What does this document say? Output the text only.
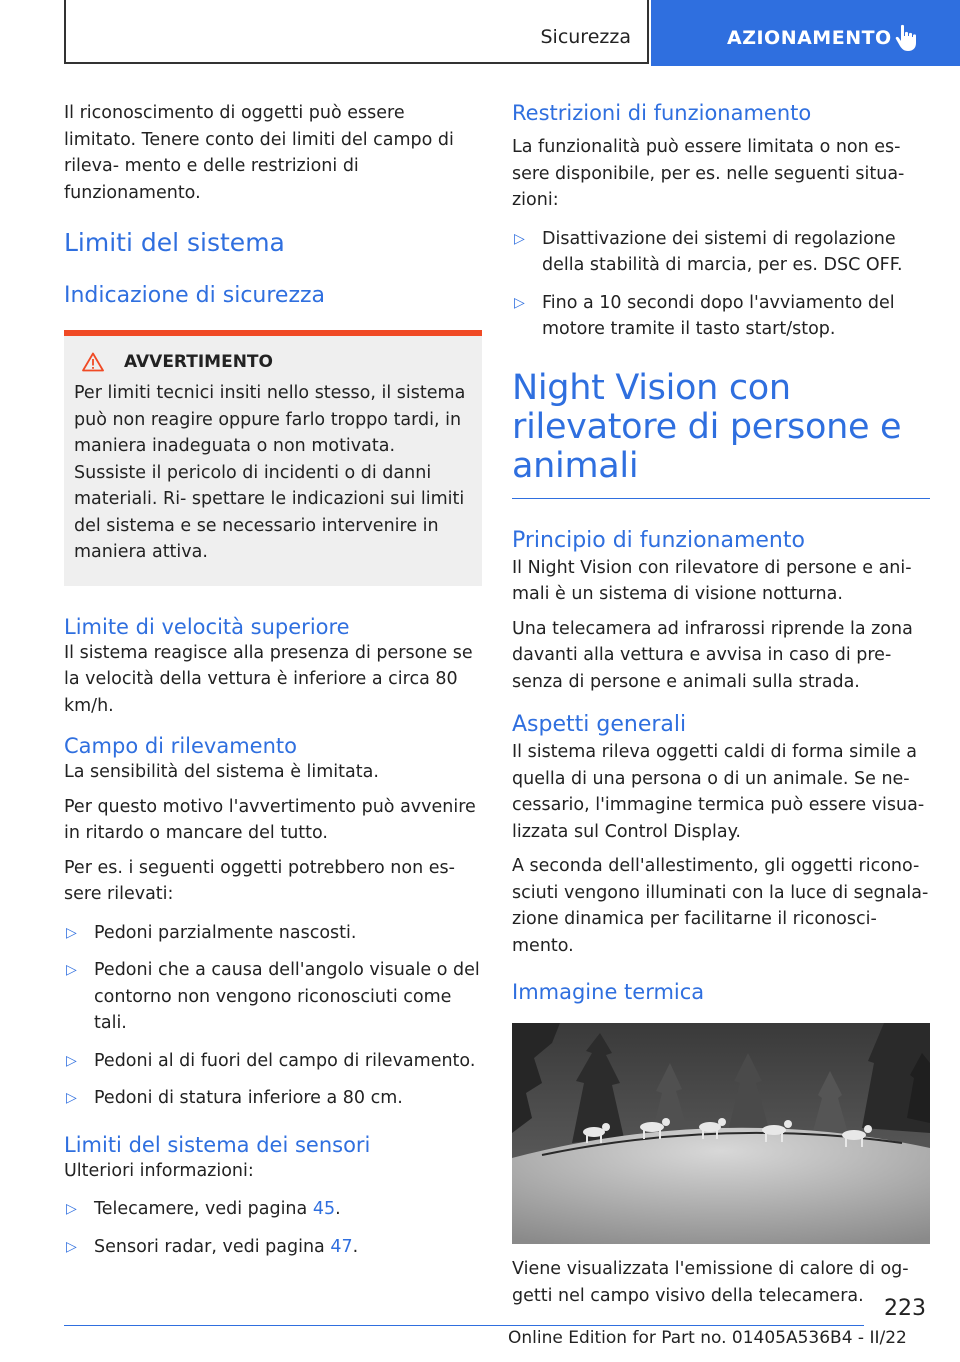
Sicurezza	AZIONAMENTO

Il riconoscimento di oggetti può essere limitato. Tenere conto dei limiti del campo di rileva- mento e delle restrizioni di funzionamento.

Limiti del sistema
Indicazione di sicurezza
AVVERTIMENTO

Per limiti tecnici insiti nello stesso, il sistema può non reagire oppure farlo troppo tardi, in maniera inadeguata o non motivata. Sussiste il pericolo di incidenti o di danni materiali. Ri- spettare le indicazioni sui limiti del sistema e se necessario intervenire in maniera attiva.

Limite di velocità superiore

Il sistema reagisce alla presenza di persone se la velocità della vettura è inferiore a circa 80 km/h.

Campo di rilevamento

La sensibilità del sistema è limitata.

Per questo motivo l'avvertimento può avvenire in ritardo o mancare del tutto.

Per es. i seguenti oggetti potrebbero non es- sere rilevati:

▷ Pedoni parzialmente nascosti.
▷ Pedoni che a causa dell'angolo visuale o del contorno non vengono riconosciuti come tali.
▷ Pedoni al di fuori del campo di rilevamento.
▷ Pedoni di statura inferiore a 80 cm.
Limiti del sistema dei sensori

Ulteriori informazioni:

▷ Telecamere, vedi pagina 45.
▷ Sensori radar, vedi pagina 47.
Restrizioni di funzionamento

La funzionalità può essere limitata o non es- sere disponibile, per es. nelle seguenti situa- zioni:

▷ Disattivazione dei sistemi di regolazione della stabilità di marcia, per es. DSC OFF.
▷ Fino a 10 secondi dopo l'avviamento del motore tramite il tasto start/stop.
Night Vision con rilevatore di persone e animali
Principio di funzionamento

Il Night Vision con rilevatore di persone e ani- mali è un sistema di visione notturna.

Una telecamera ad infrarossi riprende la zona davanti alla vettura e avvisa in caso di pre- senza di persone e animali sulla strada.

Aspetti generali

Il sistema rileva oggetti caldi di forma simile a quella di una persona o di un animale. Se ne- cessario, l'immagine termica può essere visua- lizzata sul Control Display.

A seconda dell'allestimento, gli oggetti ricono- sciuti vengono illuminati con la luce di segnala- zione dinamica per facilitarne il riconosci- mento.

Immagine termica

Viene visualizzata l'emissione di calore di og- getti nel campo visivo della telecamera.

223
Online Edition for Part no. 01405A536B4 - II/22
